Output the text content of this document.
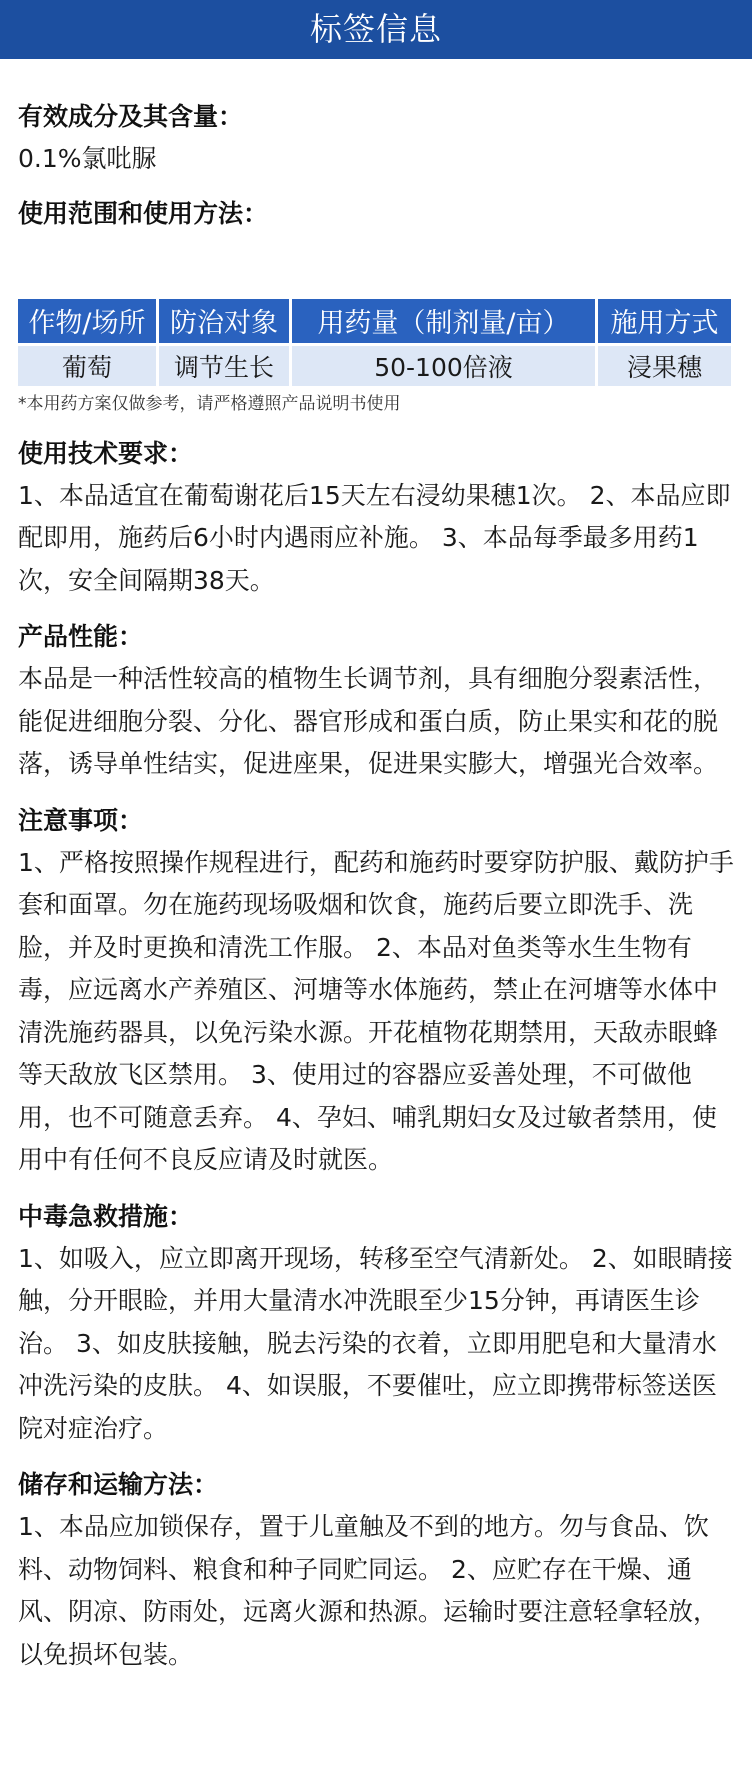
标签信息
有效成分及其含量：

0.1%氯吡脲

使用范围和使用方法：
作物/场所	防治对象	用药量（制剂量/亩）	施用方式
葡萄	调节生长	50-100倍液	浸果穗

*本用药方案仅做参考，请严格遵照产品说明书使用

使用技术要求：

1、本品适宜在葡萄谢花后15天左右浸幼果穗1次。 2、本品应即配即用，施药后6小时内遇雨应补施。 3、本品每季最多用药1次，安全间隔期38天。

产品性能：

本品是一种活性较高的植物生长调节剂，具有细胞分裂素活性，能促进细胞分裂、分化、器官形成和蛋白质，防止果实和花的脱落，诱导单性结实，促进座果，促进果实膨大，增强光合效率。

注意事项：

1、严格按照操作规程进行，配药和施药时要穿防护服、戴防护手套和面罩。勿在施药现场吸烟和饮食，施药后要立即洗手、洗脸，并及时更换和清洗工作服。 2、本品对鱼类等水生生物有毒，应远离水产养殖区、河塘等水体施药，禁止在河塘等水体中清洗施药器具，以免污染水源。开花植物花期禁用，天敌赤眼蜂等天敌放飞区禁用。 3、使用过的容器应妥善处理，不可做他用，也不可随意丢弃。 4、孕妇、哺乳期妇女及过敏者禁用，使用中有任何不良反应请及时就医。

中毒急救措施：

1、如吸入，应立即离开现场，转移至空气清新处。 2、如眼睛接触，分开眼睑，并用大量清水冲洗眼至少15分钟，再请医生诊治。 3、如皮肤接触，脱去污染的衣着，立即用肥皂和大量清水冲洗污染的皮肤。 4、如误服，不要催吐，应立即携带标签送医院对症治疗。

储存和运输方法：

1、本品应加锁保存，置于儿童触及不到的地方。勿与食品、饮料、动物饲料、粮食和种子同贮同运。 2、应贮存在干燥、通风、阴凉、防雨处，远离火源和热源。运输时要注意轻拿轻放，以免损坏包装。
